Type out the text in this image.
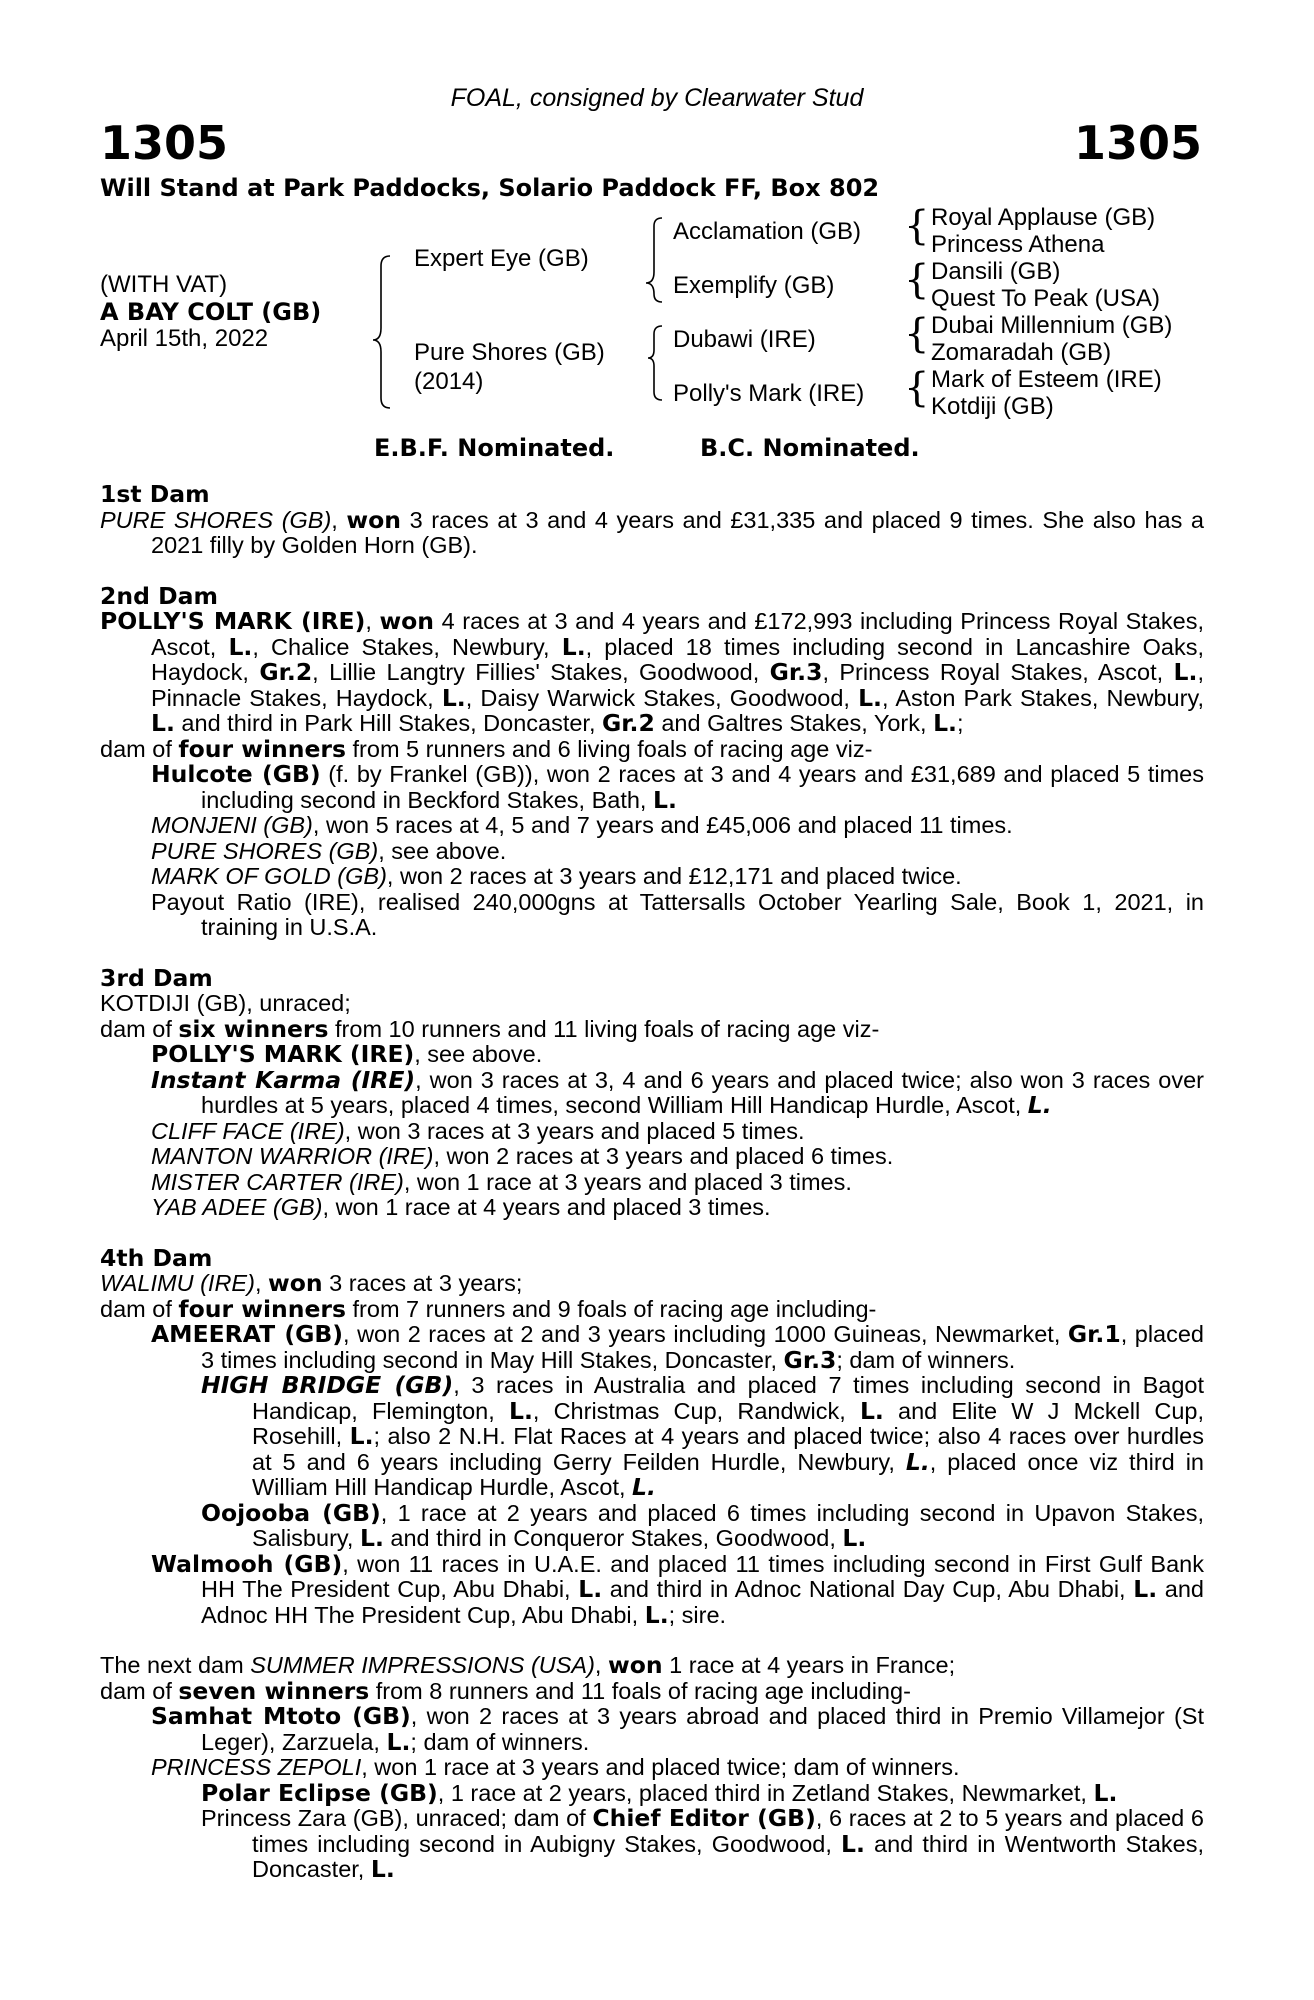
FOAL, consigned by Clearwater Stud
1305	1305
Will Stand at Park Paddocks, Solario Paddock FF, Box 802
(WITH VAT)
A BAY COLT (GB)
April 15th, 2022
Expert Eye (GB)
Pure Shores (GB)
(2014)
Acclamation (GB)
Exemplify (GB)
Dubawi (IRE)
Polly's Mark (IRE)
{
{
{
{
Royal Applause (GB)
Princess Athena
Dansili (GB)
Quest To Peak (USA)
Dubai Millennium (GB)
Zomaradah (GB)
Mark of Esteem (IRE)
Kotdiji (GB)
E.B.F. Nominated.	B.C. Nominated.

1st Dam

PURE SHORES (GB), won 3 races at 3 and 4 years and £31,335 and placed 9 times. She also has a 2021 filly by Golden Horn (GB).

2nd Dam

POLLY'S MARK (IRE), won 4 races at 3 and 4 years and £172,993 including Princess Royal Stakes, Ascot, L., Chalice Stakes, Newbury, L., placed 18 times including second in Lancashire Oaks, Haydock, Gr.2, Lillie Langtry Fillies' Stakes, Goodwood, Gr.3, Princess Royal Stakes, Ascot, L., Pinnacle Stakes, Haydock, L., Daisy Warwick Stakes, Goodwood, L., Aston Park Stakes, Newbury, L. and third in Park Hill Stakes, Doncaster, Gr.2 and Galtres Stakes, York, L.;

dam of four winners from 5 runners and 6 living foals of racing age viz-

Hulcote (GB) (f. by Frankel (GB)), won 2 races at 3 and 4 years and £31,689 and placed 5 times including second in Beckford Stakes, Bath, L.

MONJENI (GB), won 5 races at 4, 5 and 7 years and £45,006 and placed 11 times.

PURE SHORES (GB), see above.

MARK OF GOLD (GB), won 2 races at 3 years and £12,171 and placed twice.

Payout Ratio (IRE), realised 240,000gns at Tattersalls October Yearling Sale, Book 1, 2021, in training in U.S.A.

3rd Dam

KOTDIJI (GB), unraced;

dam of six winners from 10 runners and 11 living foals of racing age viz-

POLLY'S MARK (IRE), see above.

Instant Karma (IRE), won 3 races at 3, 4 and 6 years and placed twice; also won 3 races over hurdles at 5 years, placed 4 times, second William Hill Handicap Hurdle, Ascot, L.

CLIFF FACE (IRE), won 3 races at 3 years and placed 5 times.

MANTON WARRIOR (IRE), won 2 races at 3 years and placed 6 times.

MISTER CARTER (IRE), won 1 race at 3 years and placed 3 times.

YAB ADEE (GB), won 1 race at 4 years and placed 3 times.

4th Dam

WALIMU (IRE), won 3 races at 3 years;

dam of four winners from 7 runners and 9 foals of racing age including-

AMEERAT (GB), won 2 races at 2 and 3 years including 1000 Guineas, Newmarket, Gr.1, placed 3 times including second in May Hill Stakes, Doncaster, Gr.3; dam of winners.

HIGH BRIDGE (GB), 3 races in Australia and placed 7 times including second in Bagot Handicap, Flemington, L., Christmas Cup, Randwick, L. and Elite W J Mckell Cup, Rosehill, L.; also 2 N.H. Flat Races at 4 years and placed twice; also 4 races over hurdles at 5 and 6 years including Gerry Feilden Hurdle, Newbury, L., placed once viz third in William Hill Handicap Hurdle, Ascot, L.

Oojooba (GB), 1 race at 2 years and placed 6 times including second in Upavon Stakes, Salisbury, L. and third in Conqueror Stakes, Goodwood, L.

Walmooh (GB), won 11 races in U.A.E. and placed 11 times including second in First Gulf Bank HH The President Cup, Abu Dhabi, L. and third in Adnoc National Day Cup, Abu Dhabi, L. and Adnoc HH The President Cup, Abu Dhabi, L.; sire.

The next dam SUMMER IMPRESSIONS (USA), won 1 race at 4 years in France;

dam of seven winners from 8 runners and 11 foals of racing age including-

Samhat Mtoto (GB), won 2 races at 3 years abroad and placed third in Premio Villamejor (St Leger), Zarzuela, L.; dam of winners.

PRINCESS ZEPOLI, won 1 race at 3 years and placed twice; dam of winners.

Polar Eclipse (GB), 1 race at 2 years, placed third in Zetland Stakes, Newmarket, L.

Princess Zara (GB), unraced; dam of Chief Editor (GB), 6 races at 2 to 5 years and placed 6 times including second in Aubigny Stakes, Goodwood, L. and third in Wentworth Stakes, Doncaster, L.
